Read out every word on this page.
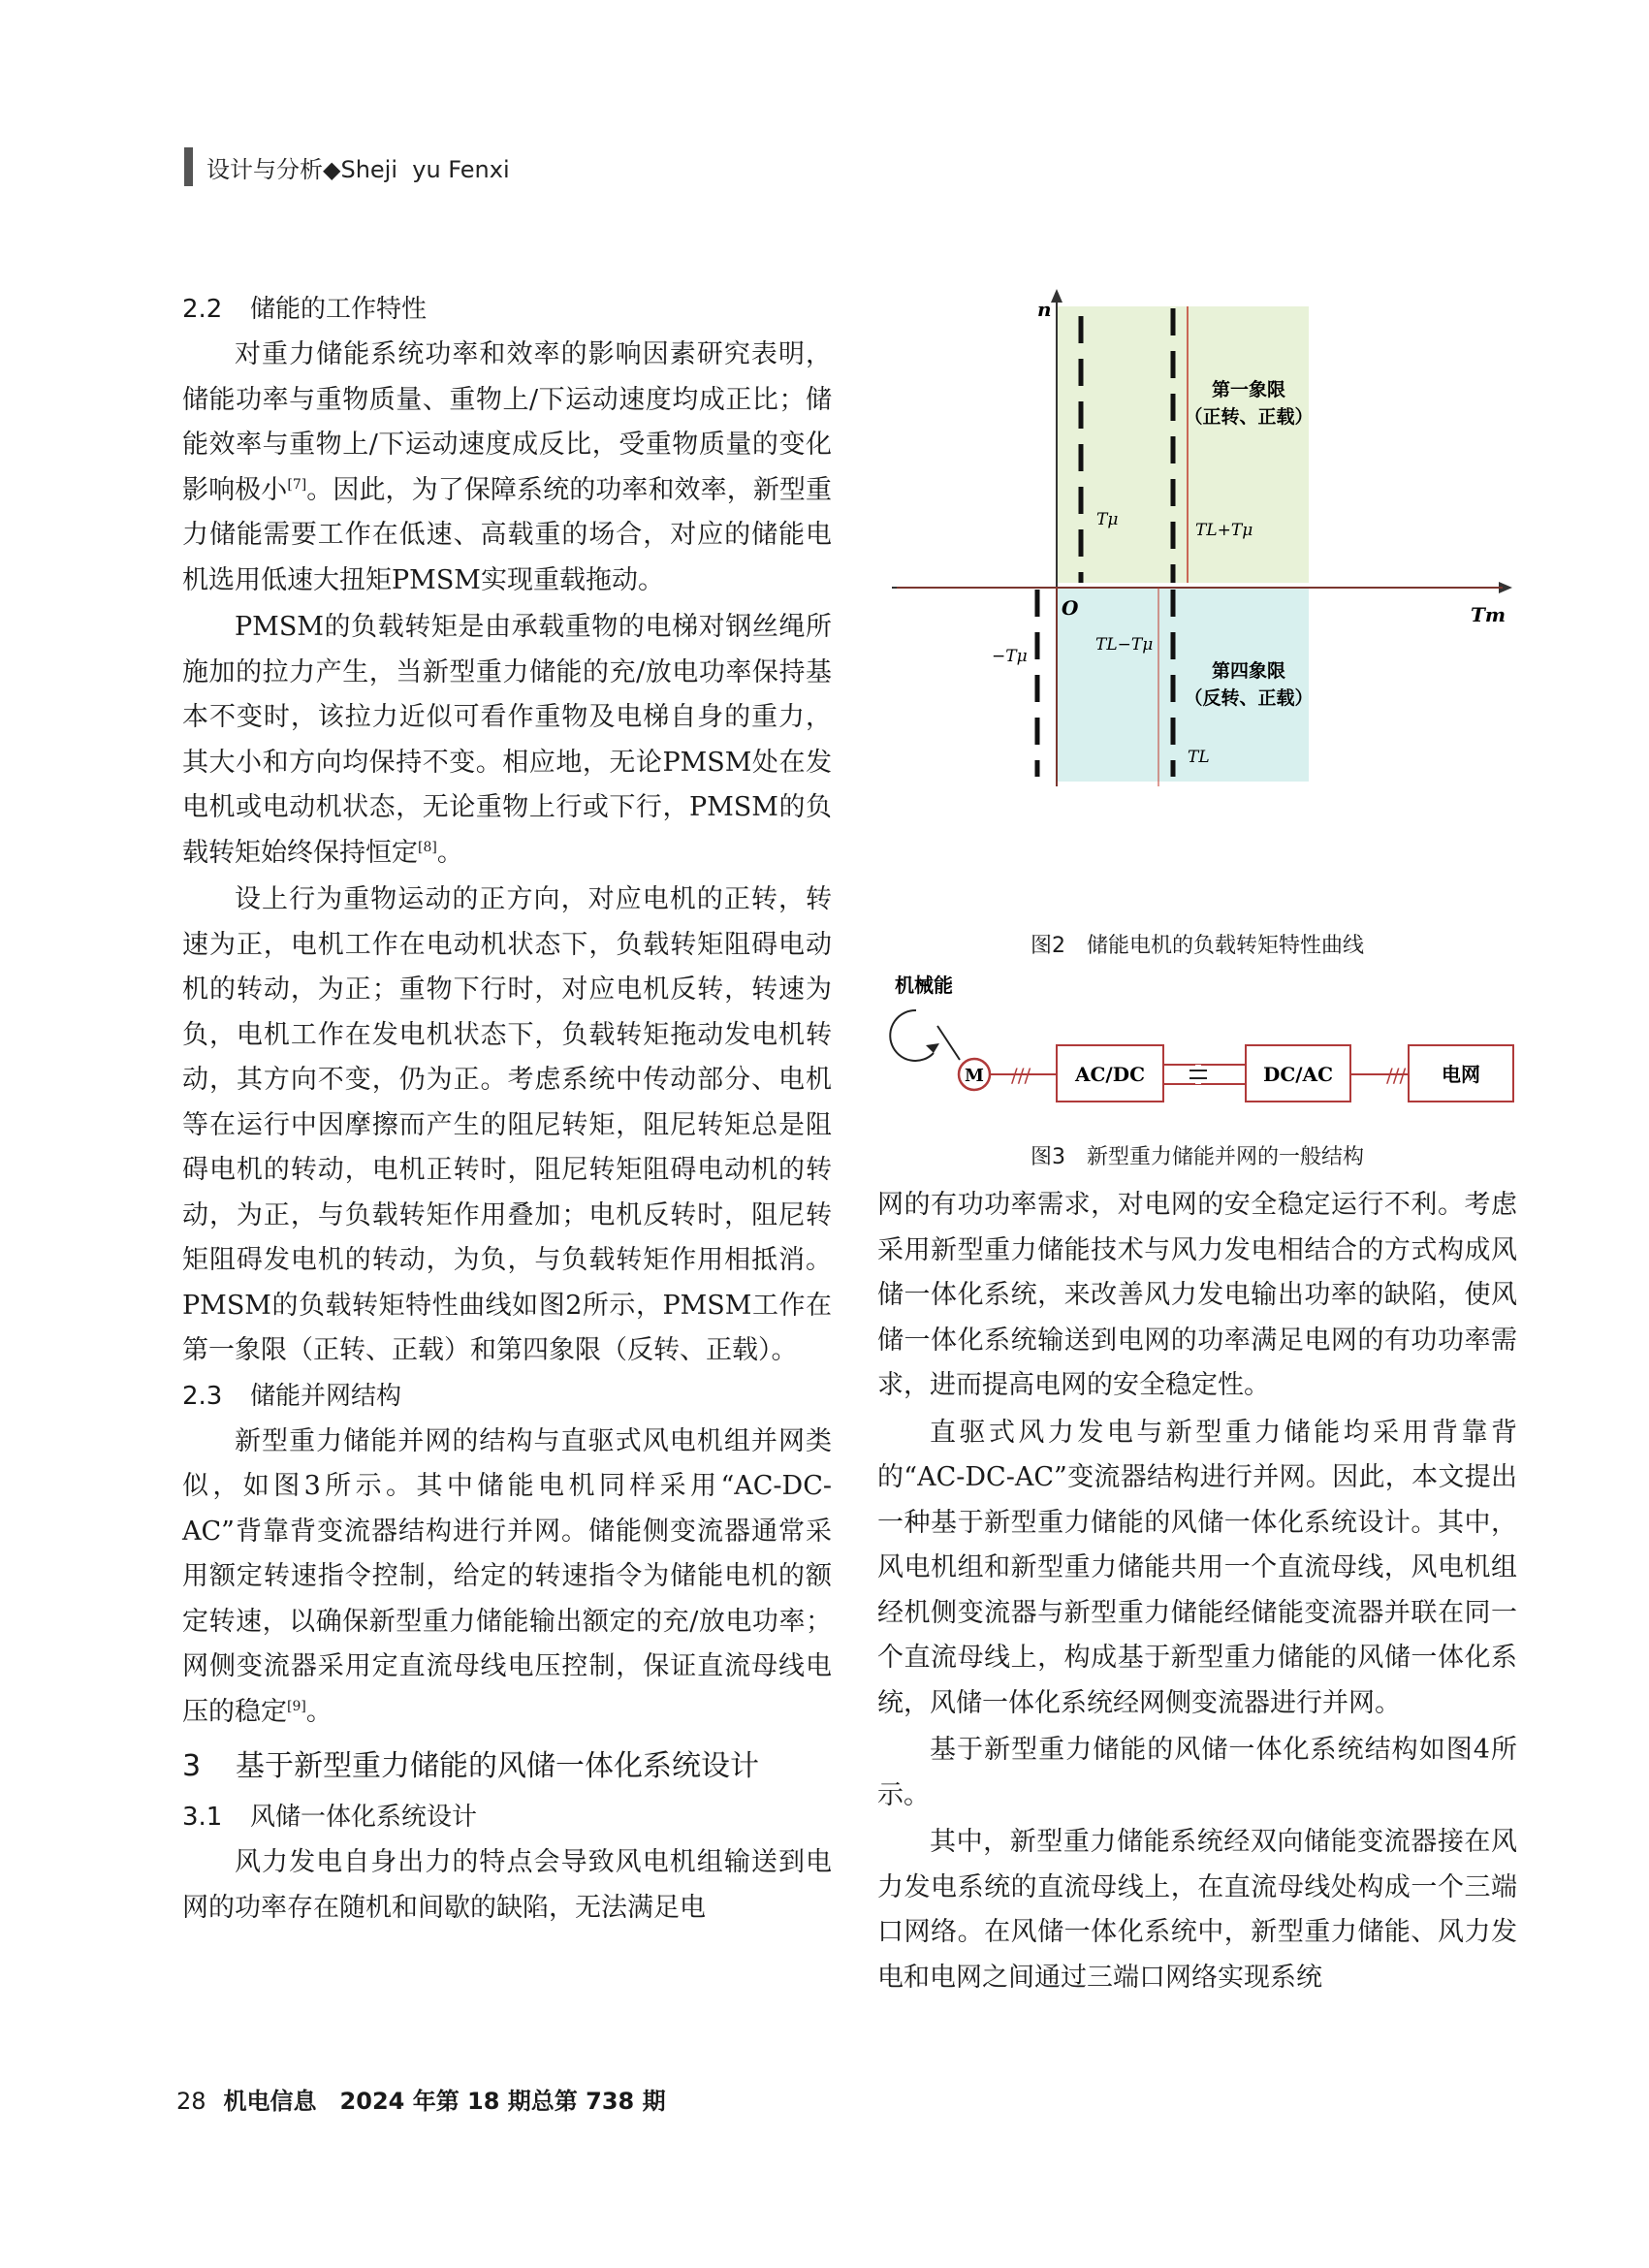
设计与分析◆Sheji  yu Fenxi
2.2 储能的工作特性

对重力储能系统功率和效率的影响因素研究表明，储能功率与重物质量、重物上/下运动速度均成正比；储能效率与重物上/下运动速度成反比，受重物质量的变化影响极小[7]。因此，为了保障系统的功率和效率，新型重力储能需要工作在低速、高载重的场合，对应的储能电机选用低速大扭矩PMSM实现重载拖动。

PMSM的负载转矩是由承载重物的电梯对钢丝绳所施加的拉力产生，当新型重力储能的充/放电功率保持基本不变时，该拉力近似可看作重物及电梯自身的重力，其大小和方向均保持不变。相应地，无论PMSM处在发电机或电动机状态，无论重物上行或下行，PMSM的负载转矩始终保持恒定[8]。

设上行为重物运动的正方向，对应电机的正转，转速为正，电机工作在电动机状态下，负载转矩阻碍电动机的转动，为正；重物下行时，对应电机反转，转速为负，电机工作在发电机状态下，负载转矩拖动发电机转动，其方向不变，仍为正。考虑系统中传动部分、电机等在运行中因摩擦而产生的阻尼转矩，阻尼转矩总是阻碍电机的转动，电机正转时，阻尼转矩阻碍电动机的转动，为正，与负载转矩作用叠加；电机反转时，阻尼转矩阻碍发电机的转动，为负，与负载转矩作用相抵消。PMSM的负载转矩特性曲线如图2所示，PMSM工作在第一象限（正转、正载）和第四象限（反转、正载）。

2.3 储能并网结构

新型重力储能并网的结构与直驱式风电机组并网类似，如图3所示。其中储能电机同样采用“AC-DC-AC”背靠背变流器结构进行并网。储能侧变流器通常采用额定转速指令控制，给定的转速指令为储能电机的额定转速，以确保新型重力储能输出额定的充/放电功率；网侧变流器采用定直流母线电压控制，保证直流母线电压的稳定[9]。

3 基于新型重力储能的风储一体化系统设计
3.1 风储一体化系统设计

风力发电自身出力的特点会导致风电机组输送到电网的功率存在随机和间歇的缺陷，无法满足电

n
Tm
O
第一象限
（正转、正载）
第四象限
（反转、正载）
Tμ
TL+Tμ
−Tμ
TL−Tμ
TL
图2　储能电机的负载转矩特性曲线
机械能
M /// AC/DC	DC/AC	/// 电网
图3　新型重力储能并网的一般结构

网的有功功率需求，对电网的安全稳定运行不利。考虑采用新型重力储能技术与风力发电相结合的方式构成风储一体化系统，来改善风力发电输出功率的缺陷，使风储一体化系统输送到电网的功率满足电网的有功功率需求，进而提高电网的安全稳定性。

直驱式风力发电与新型重力储能均采用背靠背的“AC-DC-AC”变流器结构进行并网。因此，本文提出一种基于新型重力储能的风储一体化系统设计。其中，风电机组和新型重力储能共用一个直流母线，风电机组经机侧变流器与新型重力储能经储能变流器并联在同一个直流母线上，构成基于新型重力储能的风储一体化系统，风储一体化系统经网侧变流器进行并网。

基于新型重力储能的风储一体化系统结构如图4所示。

其中，新型重力储能系统经双向储能变流器接在风力发电系统的直流母线上，在直流母线处构成一个三端口网络。在风储一体化系统中，新型重力储能、风力发电和电网之间通过三端口网络实现系统

28 机电信息　2024 年第 18 期总第 738 期
